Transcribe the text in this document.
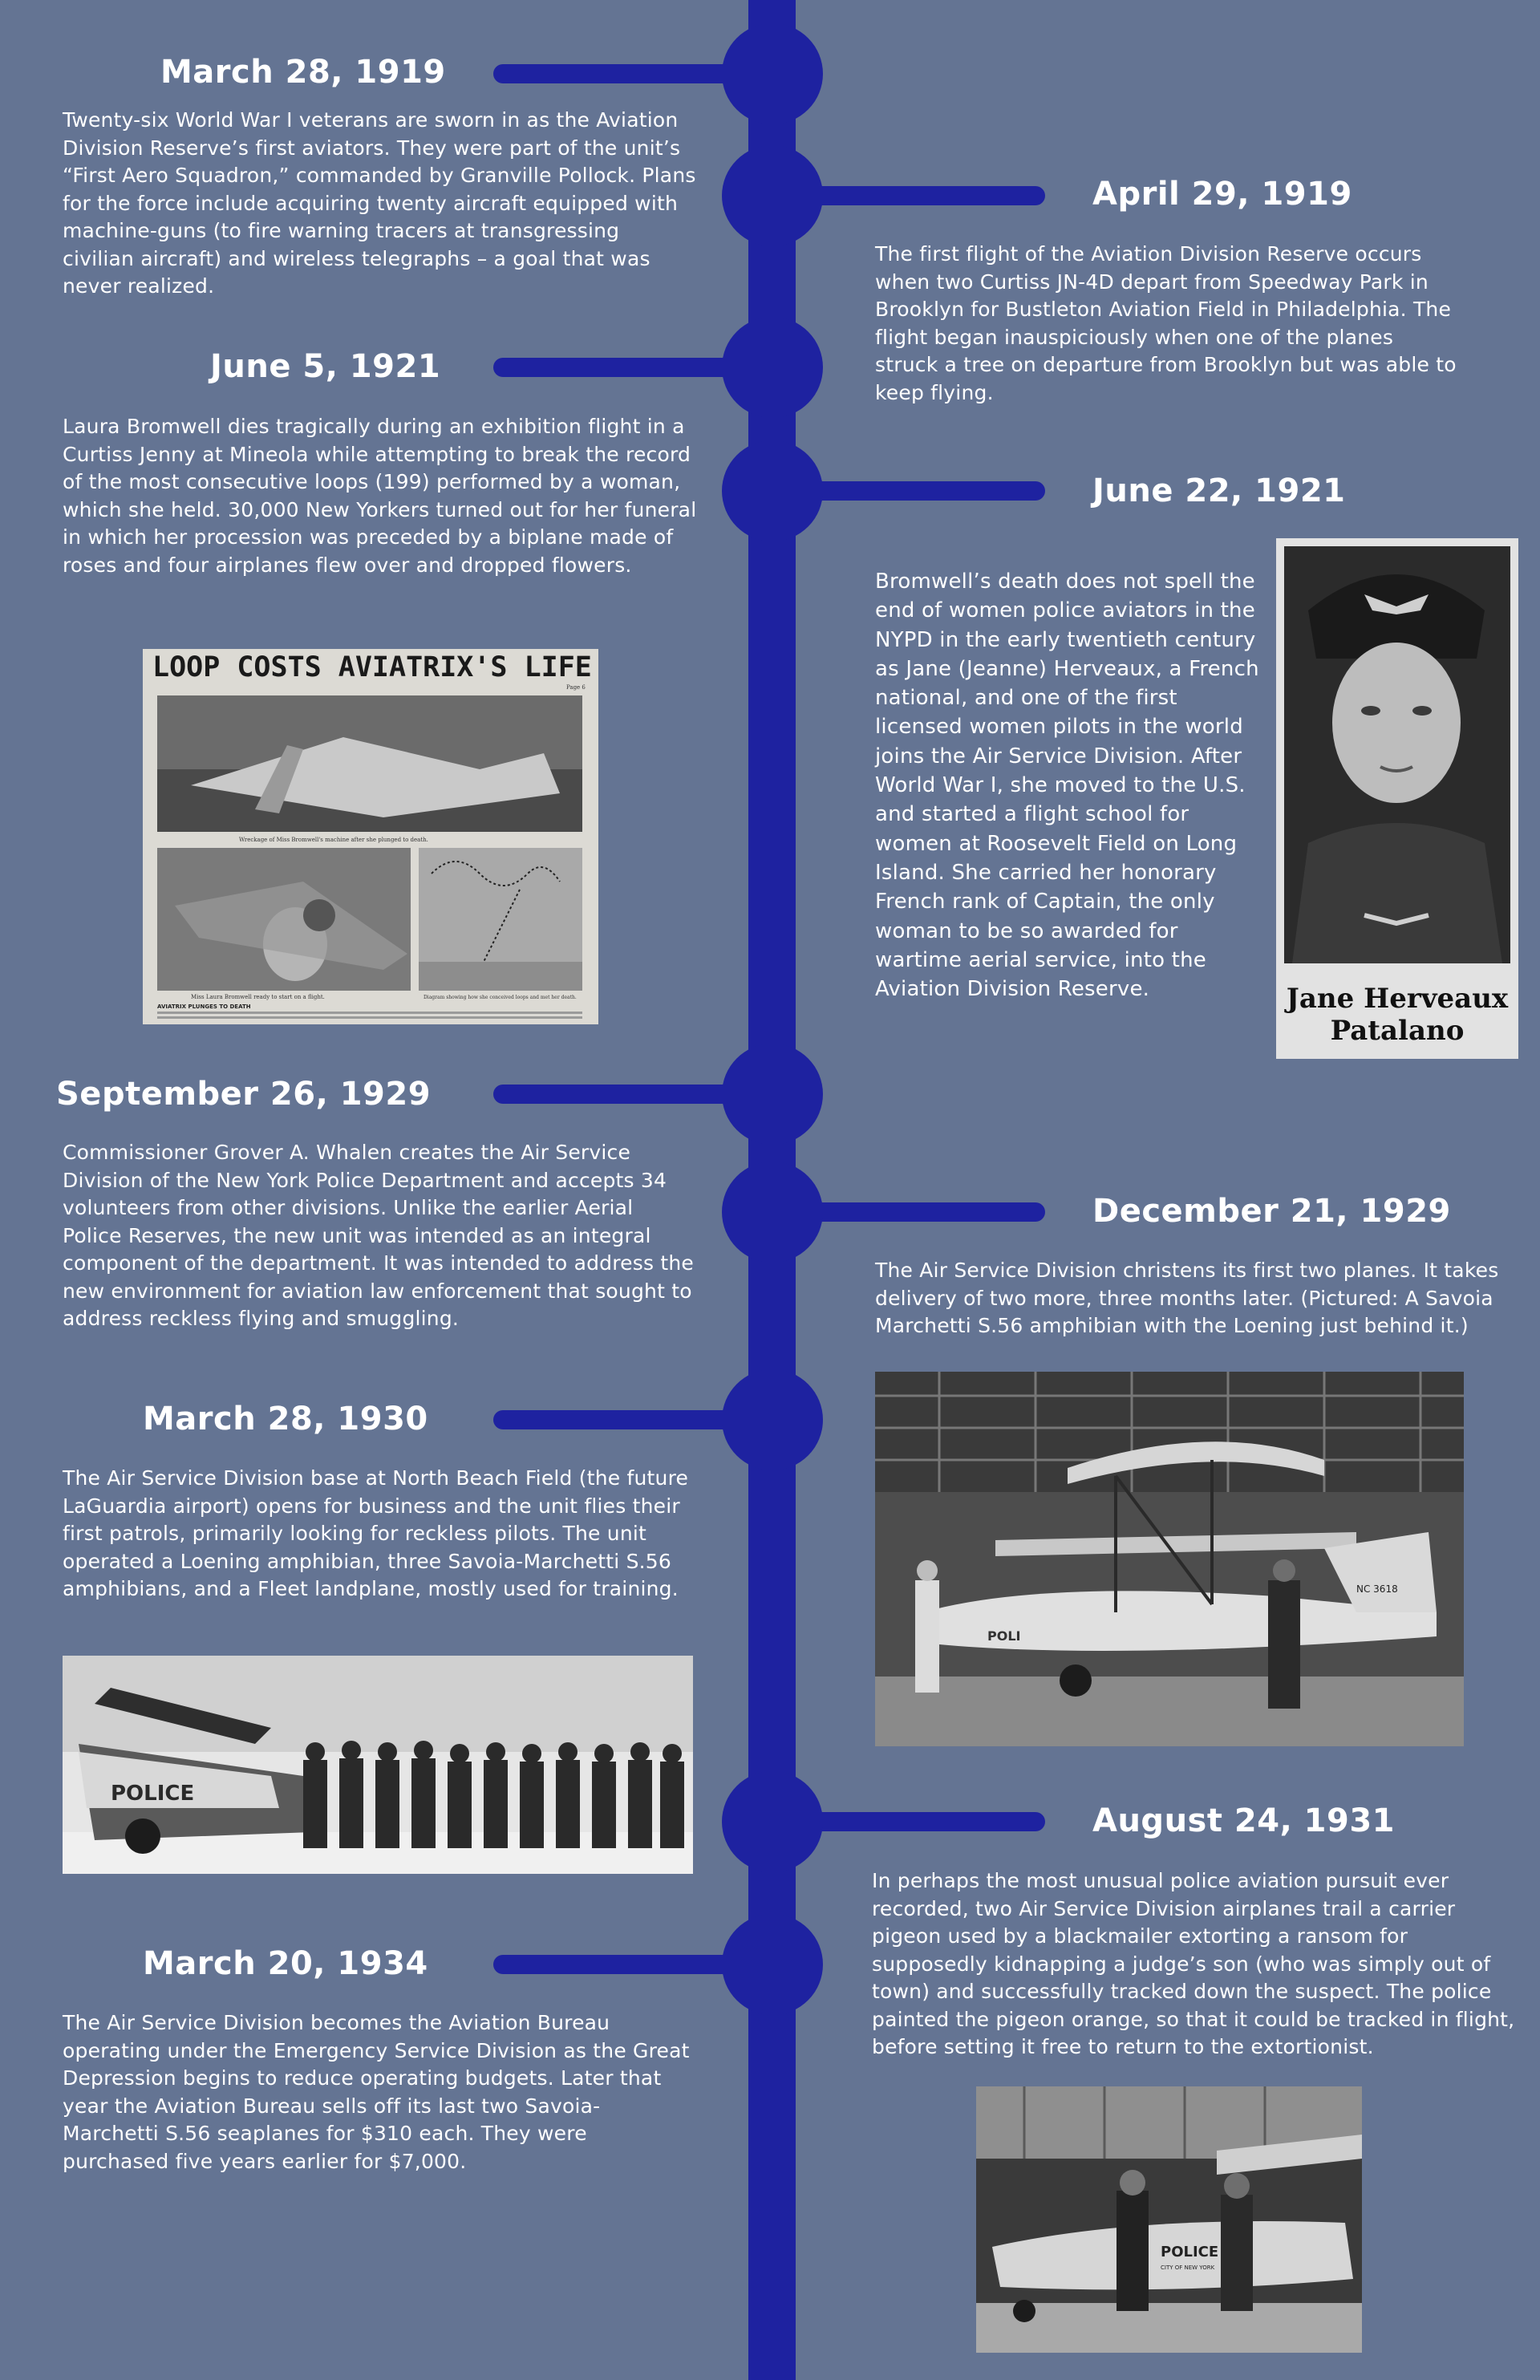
March 28, 1919
Twenty-six World War I veterans are sworn in as the Aviation Division Reserve’s first aviators. They were part of the unit’s “First Aero Squadron,” commanded by Granville Pollock. Plans for the force include acquiring twenty aircraft equipped with machine-guns (to fire warning tracers at transgressing civilian aircraft) and wireless telegraphs – a goal that was never realized.
April 29, 1919
The first flight of the Aviation Division Reserve occurs when two Curtiss JN-4D depart from Speedway Park in Brooklyn for Bustleton Aviation Field in Philadelphia. The flight began inauspiciously when one of the planes struck a tree on departure from Brooklyn but was able to keep flying.
June 5, 1921
Laura Bromwell dies tragically during an exhibition flight in a Curtiss Jenny at Mineola while attempting to break the record of the most consecutive loops (199) performed by a woman, which she held. 30,000 New Yorkers turned out for her funeral in which her procession was preceded by a biplane made of roses and four airplanes flew over and dropped flowers.
LOOP COSTS AVIATRIX'S LIFE
Page 6
Wreckage of Miss Bromwell's machine after she plunged to death.
Miss Laura Bromwell ready to start on a flight.	Diagram showing how she conceived loops and met her death.
AVIATRIX PLUNGES TO DEATH
June 22, 1921
Bromwell’s death does not spell the end of women police aviators in the NYPD in the early twentieth century as Jane (Jeanne) Herveaux, a French national, and one of the first licensed women pilots in the world joins the Air Service Division. After World War I, she moved to the U.S. and started a flight school for women at Roosevelt Field on Long Island. She carried her honorary French rank of Captain, the only woman to be so awarded for wartime aerial service, into the Aviation Division Reserve.	Jane Herveaux
Patalano
September 26, 1929
Commissioner Grover A. Whalen creates the Air Service Division of the New York Police Department and accepts 34 volunteers from other divisions. Unlike the earlier Aerial Police Reserves, the new unit was intended as an integral component of the department. It was intended to address the new environment for aviation law enforcement that sought to address reckless flying and smuggling.
December 21, 1929
The Air Service Division christens its first two planes. It takes delivery of two more, three months later. (Pictured: A Savoia Marchetti S.56 amphibian with the Loening just behind it.)
NC 3618
POLI
March 28, 1930
The Air Service Division base at North Beach Field (the future LaGuardia airport) opens for business and the unit flies their first patrols, primarily looking for reckless pilots. The unit operated a Loening amphibian, three Savoia-Marchetti S.56 amphibians, and a Fleet landplane, mostly used for training.
POLICE
August 24, 1931
In perhaps the most unusual police aviation pursuit ever recorded, two Air Service Division airplanes trail a carrier pigeon used by a blackmailer extorting a ransom for supposedly kidnapping a judge’s son (who was simply out of town) and successfully tracked down the suspect. The police painted the pigeon orange, so that it could be tracked in flight, before setting it free to return to the extortionist.
POLICE
CITY OF NEW YORK
March 20, 1934
The Air Service Division becomes the Aviation Bureau operating under the Emergency Service Division as the Great Depression begins to reduce operating budgets. Later that year the Aviation Bureau sells off its last two Savoia-Marchetti S.56 seaplanes for $310 each. They were purchased five years earlier for $7,000.
